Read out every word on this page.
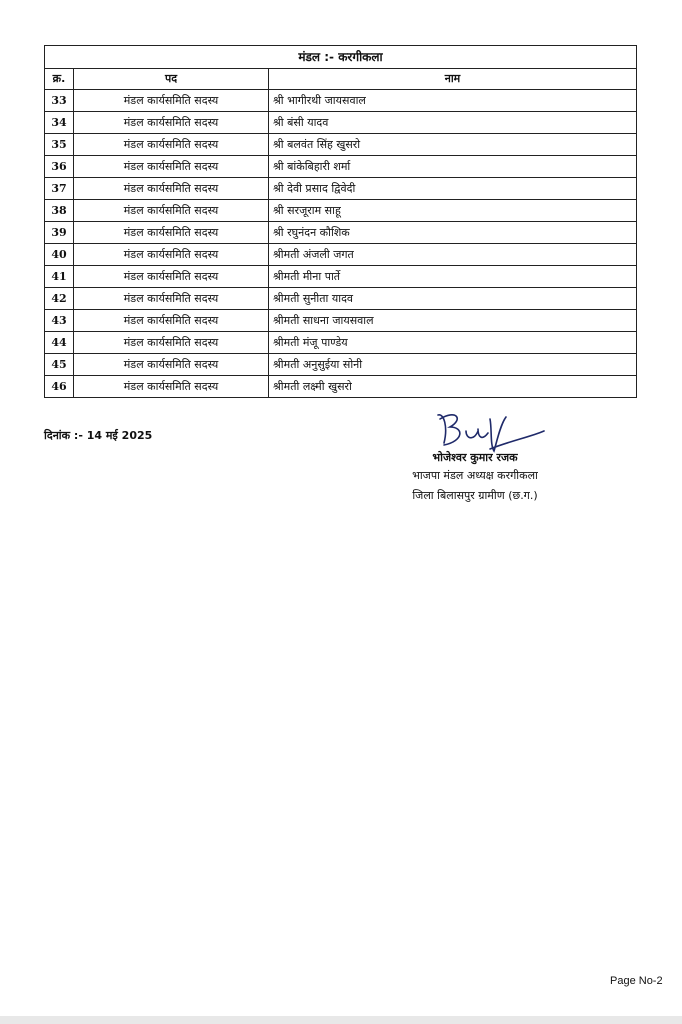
मंडल :- करगीकला		
क्र.	पद	नाम
33	मंडल कार्यसमिति सदस्य	श्री भागीरथी जायसवाल
34	मंडल कार्यसमिति सदस्य	श्री बंसी यादव
35	मंडल कार्यसमिति सदस्य	श्री बलवंत सिंह खुसरो
36	मंडल कार्यसमिति सदस्य	श्री बांकेबिहारी शर्मा
37	मंडल कार्यसमिति सदस्य	श्री देवी प्रसाद द्विवेदी
38	मंडल कार्यसमिति सदस्य	श्री सरजूराम साहू
39	मंडल कार्यसमिति सदस्य	श्री रघुनंदन कौशिक
40	मंडल कार्यसमिति सदस्य	श्रीमती अंजली जगत
41	मंडल कार्यसमिति सदस्य	श्रीमती मीना पार्ते
42	मंडल कार्यसमिति सदस्य	श्रीमती सुनीता यादव
43	मंडल कार्यसमिति सदस्य	श्रीमती साधना जायसवाल
44	मंडल कार्यसमिति सदस्य	श्रीमती मंजू पाण्डेय
45	मंडल कार्यसमिति सदस्य	श्रीमती अनुसुईया सोनी
46	मंडल कार्यसमिति सदस्य	श्रीमती लक्ष्मी खुसरो
दिनांक :- 14 मई 2025
भोजेश्वर कुमार रजक
भाजपा मंडल अध्यक्ष करगीकला
जिला बिलासपुर ग्रामीण (छ.ग.)
Page No-2
